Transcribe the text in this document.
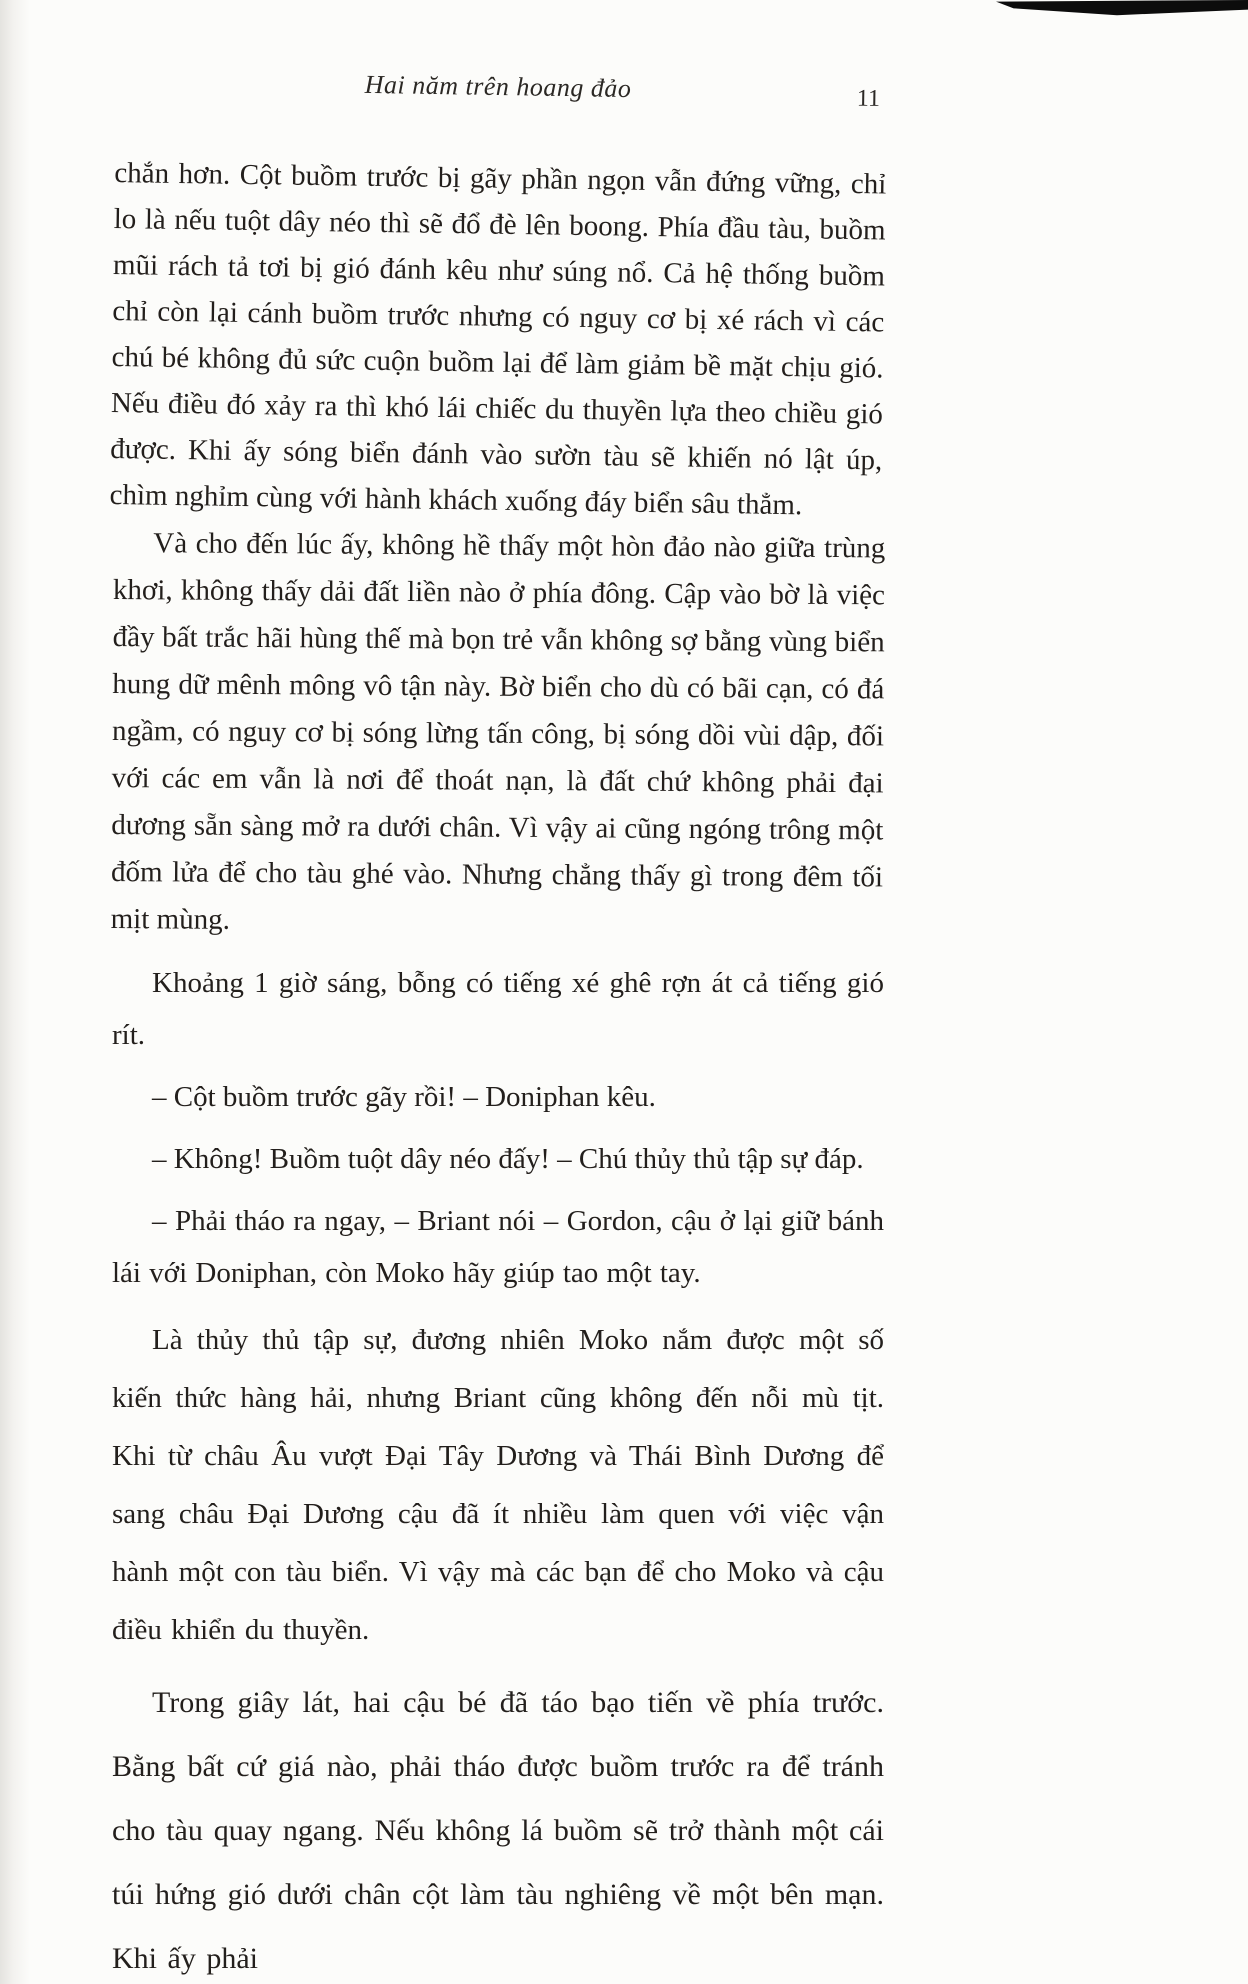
Hai năm trên hoang đảo	11

chắn hơn. Cột buồm trước bị gãy phần ngọn vẫn đứng vững, chỉ lo là nếu tuột dây néo thì sẽ đổ đè lên boong. Phía đầu tàu, buồm mũi rách tả tơi bị gió đánh kêu như súng nổ. Cả hệ thống buồm chỉ còn lại cánh buồm trước nhưng có nguy cơ bị xé rách vì các chú bé không đủ sức cuộn buồm lại để làm giảm bề mặt chịu gió. Nếu điều đó xảy ra thì khó lái chiếc du thuyền lựa theo chiều gió được. Khi ấy sóng biển đánh vào sườn tàu sẽ khiến nó lật úp, chìm nghỉm cùng với hành khách xuống đáy biển sâu thẳm.

Và cho đến lúc ấy, không hề thấy một hòn đảo nào giữa trùng khơi, không thấy dải đất liền nào ở phía đông. Cập vào bờ là việc đầy bất trắc hãi hùng thế mà bọn trẻ vẫn không sợ bằng vùng biển hung dữ mênh mông vô tận này. Bờ biển cho dù có bãi cạn, có đá ngầm, có nguy cơ bị sóng lừng tấn công, bị sóng dồi vùi dập, đối với các em vẫn là nơi để thoát nạn, là đất chứ không phải đại dương sẵn sàng mở ra dưới chân. Vì vậy ai cũng ngóng trông một đốm lửa để cho tàu ghé vào. Nhưng chẳng thấy gì trong đêm tối mịt mùng.

Khoảng 1 giờ sáng, bỗng có tiếng xé ghê rợn át cả tiếng gió rít.

– Cột buồm trước gãy rồi! – Doniphan kêu.

– Không! Buồm tuột dây néo đấy! – Chú thủy thủ tập sự đáp.

– Phải tháo ra ngay, – Briant nói – Gordon, cậu ở lại giữ bánh lái với Doniphan, còn Moko hãy giúp tao một tay.

Là thủy thủ tập sự, đương nhiên Moko nắm được một số kiến thức hàng hải, nhưng Briant cũng không đến nỗi mù tịt. Khi từ châu Âu vượt Đại Tây Dương và Thái Bình Dương để sang châu Đại Dương cậu đã ít nhiều làm quen với việc vận hành một con tàu biển. Vì vậy mà các bạn để cho Moko và cậu điều khiển du thuyền.

Trong giây lát, hai cậu bé đã táo bạo tiến về phía trước. Bằng bất cứ giá nào, phải tháo được buồm trước ra để tránh cho tàu quay ngang. Nếu không lá buồm sẽ trở thành một cái túi hứng gió dưới chân cột làm tàu nghiêng về một bên mạn. Khi ấy phải
